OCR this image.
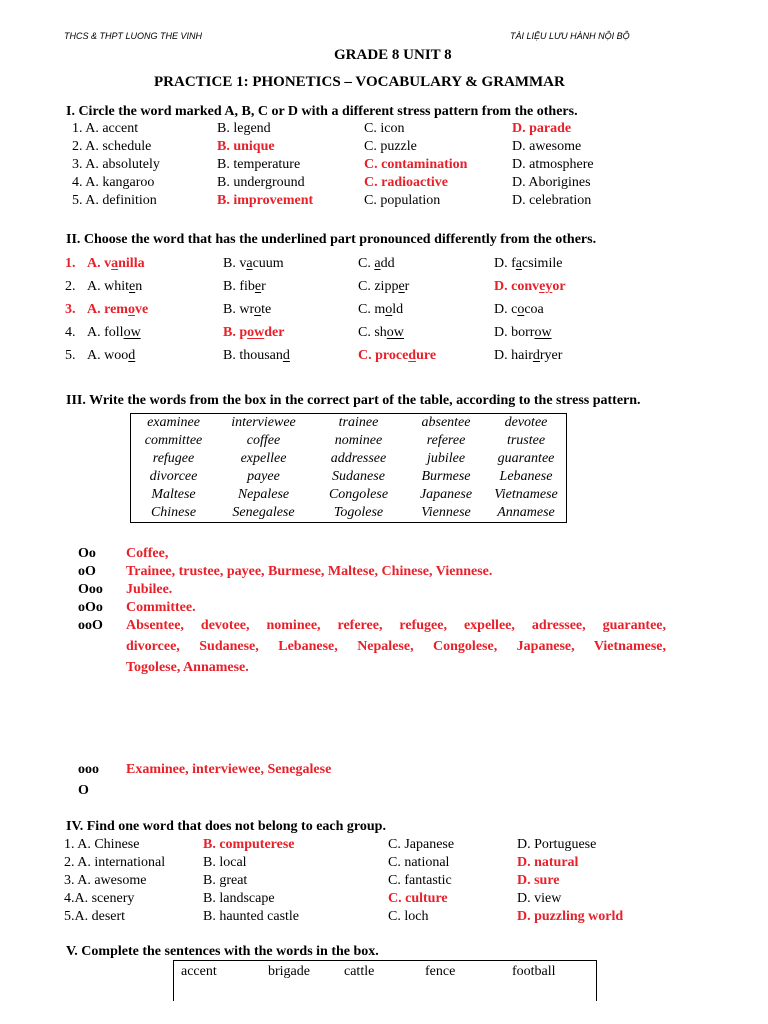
THCS & THPT LUONG THE VINH	TÀI LIỆU LƯU HÀNH NỘI BỘ
GRADE 8 UNIT 8
PRACTICE 1: PHONETICS – VOCABULARY & GRAMMAR
I. Circle the word marked A, B, C or D with a different stress pattern from the others.
1. A. accent	B. legend	C. icon	D. parade
2. A. schedule	B. unique	C. puzzle	D. awesome
3. A. absolutely	B. temperature	C. contamination	D. atmosphere
4. A. kangaroo	B. underground	C. radioactive	D. Aborigines
5. A. definition	B. improvement	C. population	D. celebration
II. Choose the word that has the underlined part pronounced differently from the others.
1. A. vanilla	B. vacuum	C. add	D. facsimile
2. A. whiten	B. fiber	C. zipper	D. conveyor
3. A. remove	B. wrote	C. mold	D. cocoa
4. A. follow	B. powder	C. show	D. borrow
5. A. wood	B. thousand	C. procedure	D. hairdryer
III. Write the words from the box in the correct part of the table, according to the stress pattern.
examinee	interviewee	trainee	absentee	devotee
committee	coffee	nominee	referee	trustee
refugee	expellee	addressee	jubilee	guarantee
divorcee	payee	Sudanese	Burmese	Lebanese
Maltese	Nepalese	Congolese	Japanese	Vietnamese
Chinese	Senegalese	Togolese	Viennese	Annamese
Oo Coffee,
oO Trainee, trustee, payee, Burmese, Maltese, Chinese, Viennese.
Ooo Jubilee.
oOo Committee.
ooO Absentee, devotee, nominee, referee, refugee, expellee, adressee, guarantee,
divorcee, Sudanese, Lebanese, Nepalese, Congolese, Japanese, Vietnamese,
Togolese, Annamese.
ooo Examinee, interviewee, Senegalese
O
IV. Find one word that does not belong to each group.
1. A. Chinese	B. computerese	C. Japanese	D. Portuguese
2. A. international	B. local	C. national	D. natural
3. A. awesome	B. great	C. fantastic	D. sure
4.A. scenery	B. landscape	C. culture	D. view
5.A. desert	B. haunted castle	C. loch	D. puzzling world
V. Complete the sentences with the words in the box.
accent	brigade cattle	fence	football
